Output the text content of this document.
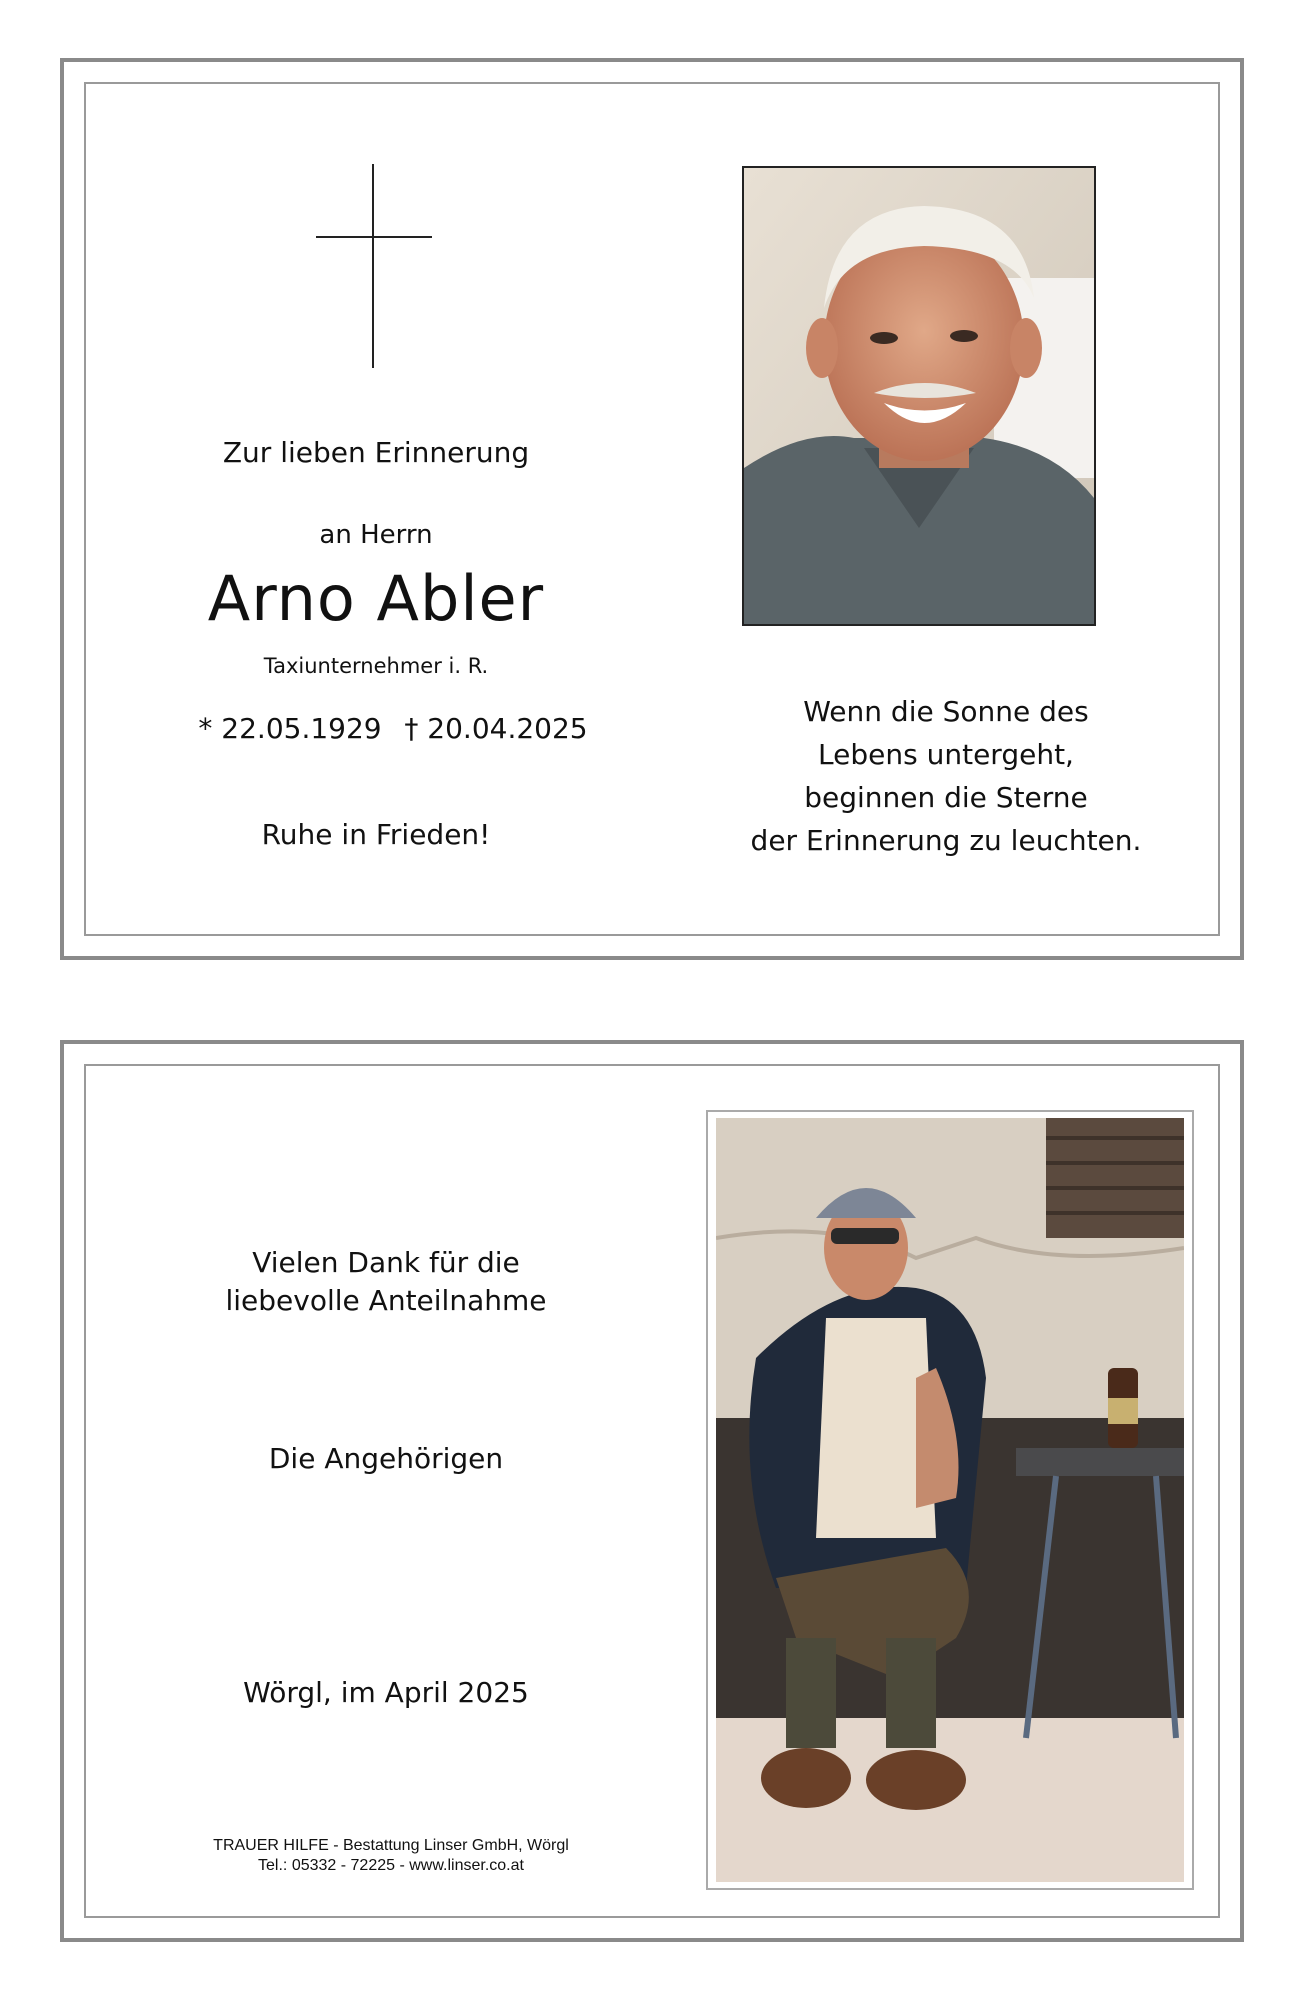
Zur lieben Erinnerung
an Herrn
Arno Abler
Taxiunternehmer i. R.
* 22.05.1929 † 20.04.2025
Ruhe in Frieden!
Wenn die Sonne des
Lebens untergeht,
beginnen die Sterne
der Erinnerung zu leuchten.
Vielen Dank für die
liebevolle Anteilnahme
Die Angehörigen
Wörgl, im April 2025
TRAUER HILFE - Bestattung Linser GmbH, Wörgl
Tel.: 05332 - 72225 - www.linser.co.at
